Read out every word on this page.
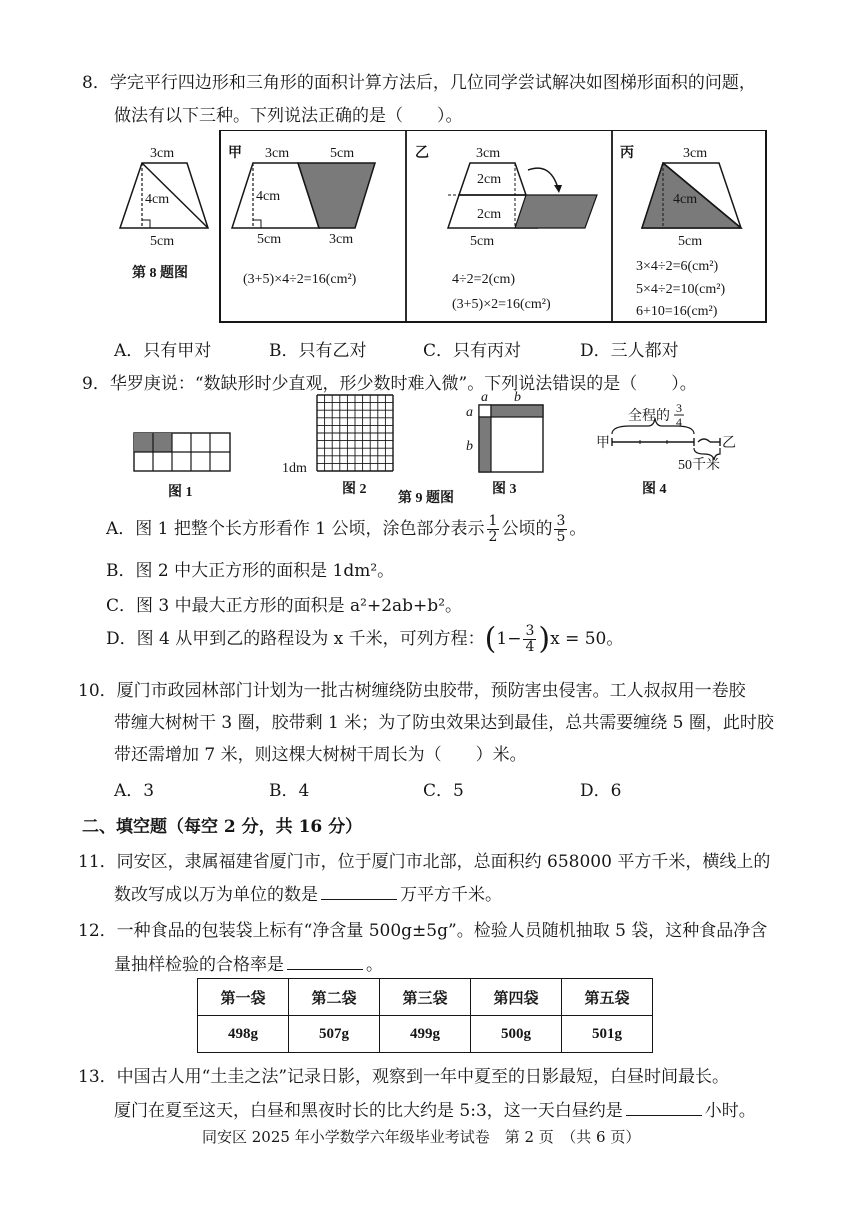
8．学完平行四边形和三角形的面积计算方法后，几位同学尝试解决如图梯形面积的问题，
做法有以下三种。下列说法正确的是（　　）。
3cm
4cm
5cm
第 8 题图
甲 3cm	5cm
4cm
5cm	3cm
(3+5)×4÷2=16(cm²)
乙	3cm
2cm
2cm
5cm
4÷2=2(cm)
(3+5)×2=16(cm²)
丙	3cm
4cm
5cm
3×4÷2=6(cm²)
5×4÷2=10(cm²)
6+10=16(cm²)
A．只有甲对	B．只有乙对	C．只有丙对	D．三人都对
9．华罗庚说：“数缺形时少直观，形少数时难入微”。下列说法错误的是（　　）。
图 1
1dm
图 2
第 9 题图
a b
a
b
图 3
全程的
3
4
甲	乙
50千米
图 4
A．图 1 把整个长方形看作 1 公顷，涂色部分表示 $\frac{1}{2}$ 公顷的 $\frac{3}{5}$ 。
B．图 2 中大正方形的面积是 1dm²。
C．图 3 中最大正方形的面积是 a²+2ab+b²。
D．图 4 从甲到乙的路程设为 x 千米，可列方程：$(1- \frac{3}{4} )x = 50$。
10．厦门市政园林部门计划为一批古树缠绕防虫胶带，预防害虫侵害。工人叔叔用一卷胶
带缠大树树干 3 圈，胶带剩 1 米；为了防虫效果达到最佳，总共需要缠绕 5 圈，此时胶
带还需增加 7 米，则这棵大树树干周长为（　　）米。
A．3	B．4	C．5	D．6
二、填空题（每空 2 分，共 16 分）
11．同安区，隶属福建省厦门市，位于厦门市北部，总面积约 658000 平方千米，横线上的
数改写成以万为单位的数是	万平方千米。
12．一种食品的包装袋上标有“净含量 500g±5g”。检验人员随机抽取 5 袋，这种食品净含
量抽样检验的合格率是	。
第一袋	第二袋	第三袋	第四袋	第五袋
498g	507g	499g	500g	501g
13．中国古人用“土圭之法”记录日影，观察到一年中夏至的日影最短，白昼时间最长。
厦门在夏至这天，白昼和黑夜时长的比大约是 5:3，这一天白昼约是	小时。
同安区 2025 年小学数学六年级毕业考试卷　第 2 页　（共 6 页）
